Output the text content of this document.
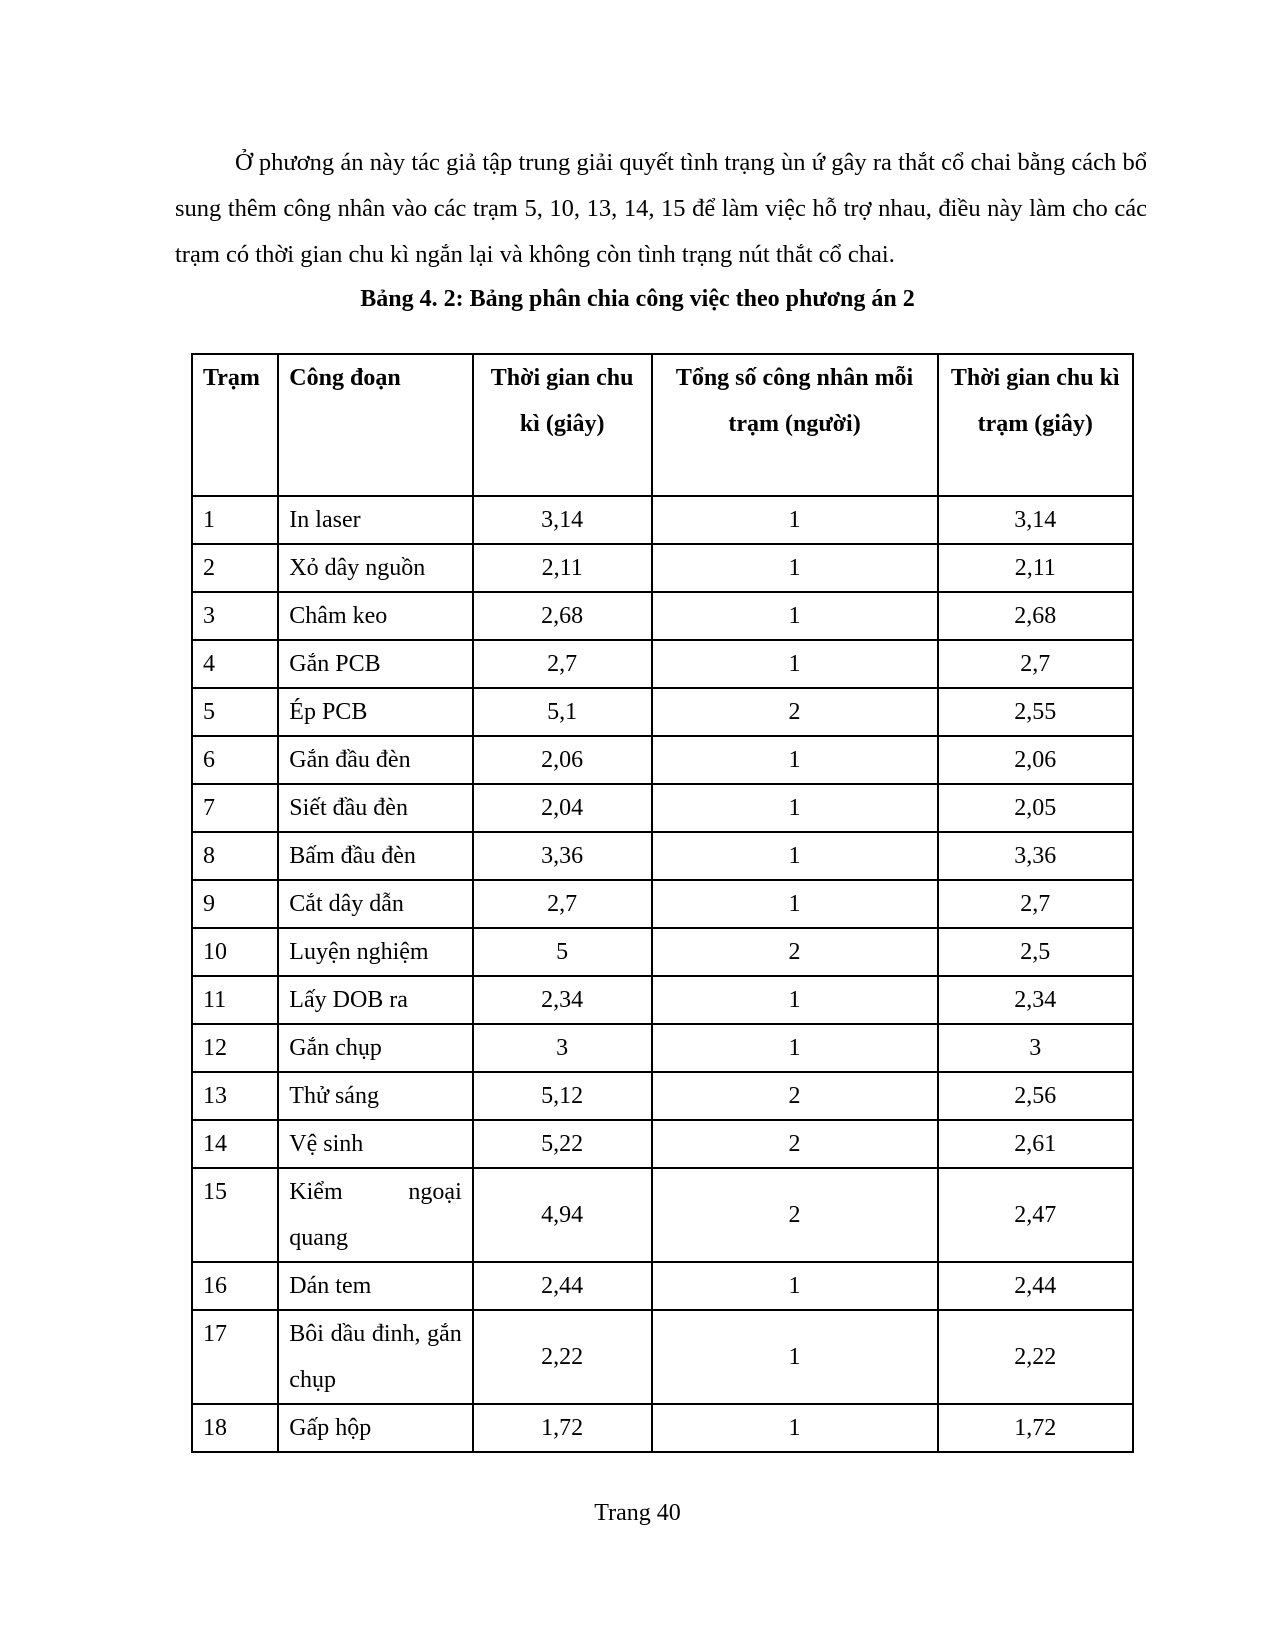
Ở phương án này tác giả tập trung giải quyết tình trạng ùn ứ gây ra thắt cổ chai bằng cách bổ sung thêm công nhân vào các trạm 5, 10, 13, 14, 15 để làm việc hỗ trợ nhau, điều này làm cho các trạm có thời gian chu kì ngắn lại và không còn tình trạng nút thắt cổ chai.

Bảng 4. 2: Bảng phân chia công việc theo phương án 2

Trạm	Công đoạn	Thời gian chu kì (giây)	Tổng số công nhân mỗi trạm (người)	Thời gian chu kì trạm (giây)
1	In laser	3,14	1	3,14
2	Xỏ dây nguồn	2,11	1	2,11
3	Châm keo	2,68	1	2,68
4	Gắn PCB	2,7	1	2,7
5	Ép PCB	5,1	2	2,55
6	Gắn đầu đèn	2,06	1	2,06
7	Siết đầu đèn	2,04	1	2,05
8	Bấm đầu đèn	3,36	1	3,36
9	Cắt dây dẫn	2,7	1	2,7
10	Luyện nghiệm	5	2	2,5
11	Lấy DOB ra	2,34	1	2,34
12	Gắn chụp	3	1	3
13	Thử sáng	5,12	2	2,56
14	Vệ sinh	5,22	2	2,61
15	Kiểm ngoại quang	4,94	2	2,47
16	Dán tem	2,44	1	2,44
17	Bôi dầu đinh, gắn chụp	2,22	1	2,22
18	Gấp hộp	1,72	1	1,72

Trang 40
